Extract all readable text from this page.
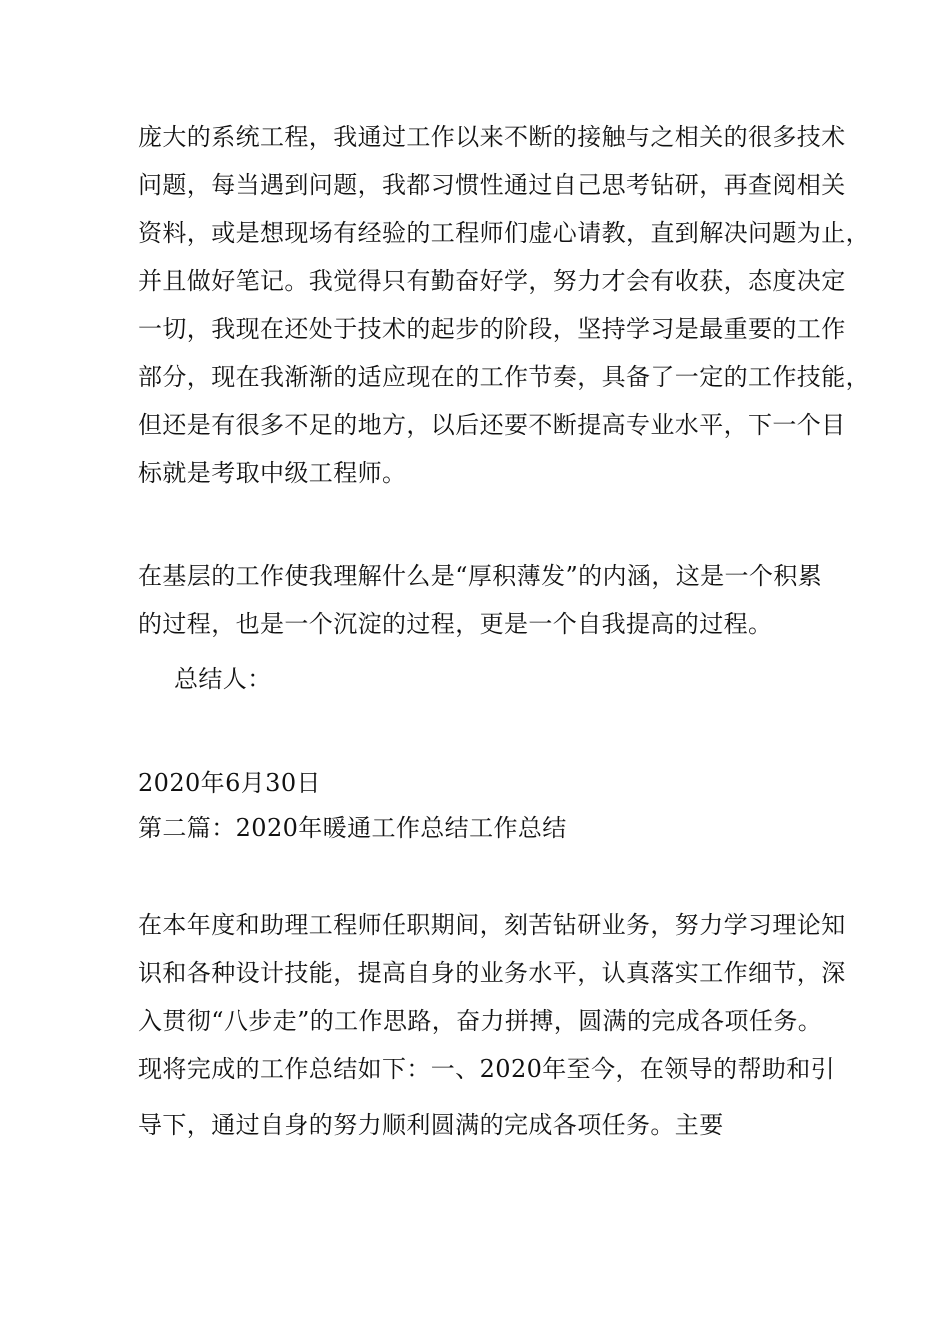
庞大的系统工程，我通过工作以来不断的接触与之相关的很多技术
问题，每当遇到问题，我都习惯性通过自己思考钻研，再查阅相关
资料，或是想现场有经验的工程师们虚心请教，直到解决问题为止，
并且做好笔记。我觉得只有勤奋好学，努力才会有收获，态度决定
一切，我现在还处于技术的起步的阶段，坚持学习是最重要的工作
部分，现在我渐渐的适应现在的工作节奏，具备了一定的工作技能，
但还是有很多不足的地方，以后还要不断提高专业水平，下一个目
标就是考取中级工程师。
在基层的工作使我理解什么是“厚积薄发”的内涵，这是一个积累
的过程，也是一个沉淀的过程，更是一个自我提高的过程。
总结人：
2020年6月30日
第二篇：2020年暖通工作总结工作总结
在本年度和助理工程师任职期间，刻苦钻研业务，努力学习理论知
识和各种设计技能，提高自身的业务水平，认真落实工作细节，深
入贯彻“八步走”的工作思路，奋力拼搏，圆满的完成各项任务。
现将完成的工作总结如下：一、2020年至今，在领导的帮助和引
导下，通过自身的努力顺利圆满的完成各项任务。主要
